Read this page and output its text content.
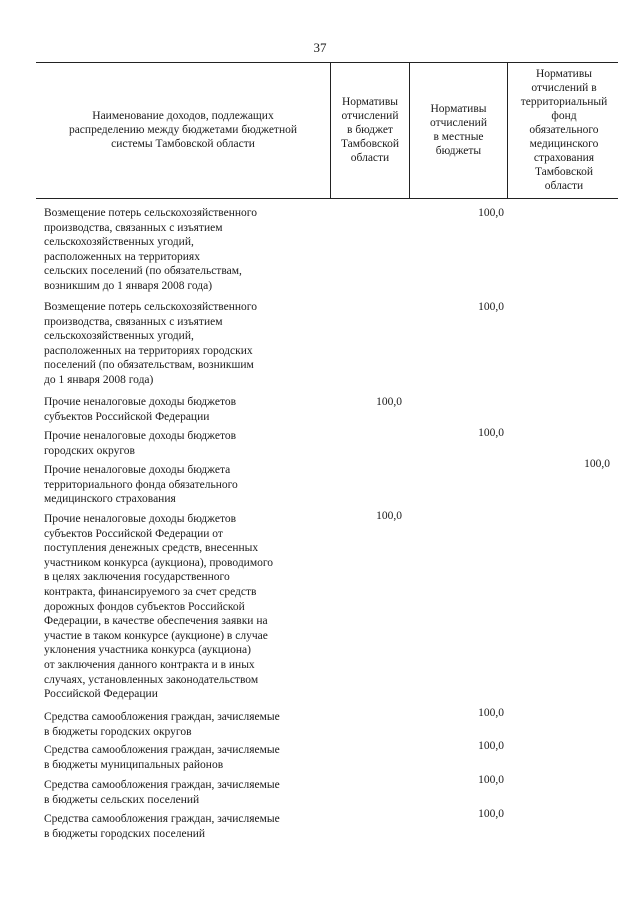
37
Наименование доходов, подлежащих
распределению между бюджетами бюджетной
системы Тамбовской области
Нормативы
отчислений
в бюджет
Тамбовской
области
Нормативы
отчислений
в местные
бюджеты
Нормативы
отчислений в
территориальный
фонд
обязательного
медицинского
страхования
Тамбовской
области
Возмещение потерь сельскохозяйственного
производства, связанных с изъятием
сельскохозяйственных угодий,
расположенных на территориях
сельских поселений (по обязательствам,
возникшим до 1 января 2008 года)
100,0
Возмещение потерь сельскохозяйственного
производства, связанных с изъятием
сельскохозяйственных угодий,
расположенных на территориях городских
поселений (по обязательствам, возникшим
до 1 января 2008 года)
100,0
Прочие неналоговые доходы бюджетов
субъектов Российской Федерации
100,0
Прочие неналоговые доходы бюджетов
городских округов
100,0
Прочие неналоговые доходы бюджета
территориального фонда обязательного
медицинского страхования
100,0
Прочие неналоговые доходы бюджетов
субъектов Российской Федерации от
поступления денежных средств, внесенных
участником конкурса (аукциона), проводимого
в целях заключения государственного
контракта, финансируемого за счет средств
дорожных фондов субъектов Российской
Федерации, в качестве обеспечения заявки на
участие в таком конкурсе (аукционе) в случае
уклонения участника конкурса (аукциона)
от заключения данного контракта и в иных
случаях, установленных законодательством
Российской Федерации
100,0
Средства самообложения граждан, зачисляемые
в бюджеты городских округов
100,0
Средства самообложения граждан, зачисляемые
в бюджеты муниципальных районов
100,0
Средства самообложения граждан, зачисляемые
в бюджеты сельских поселений
100,0
Средства самообложения граждан, зачисляемые
в бюджеты городских поселений
100,0
